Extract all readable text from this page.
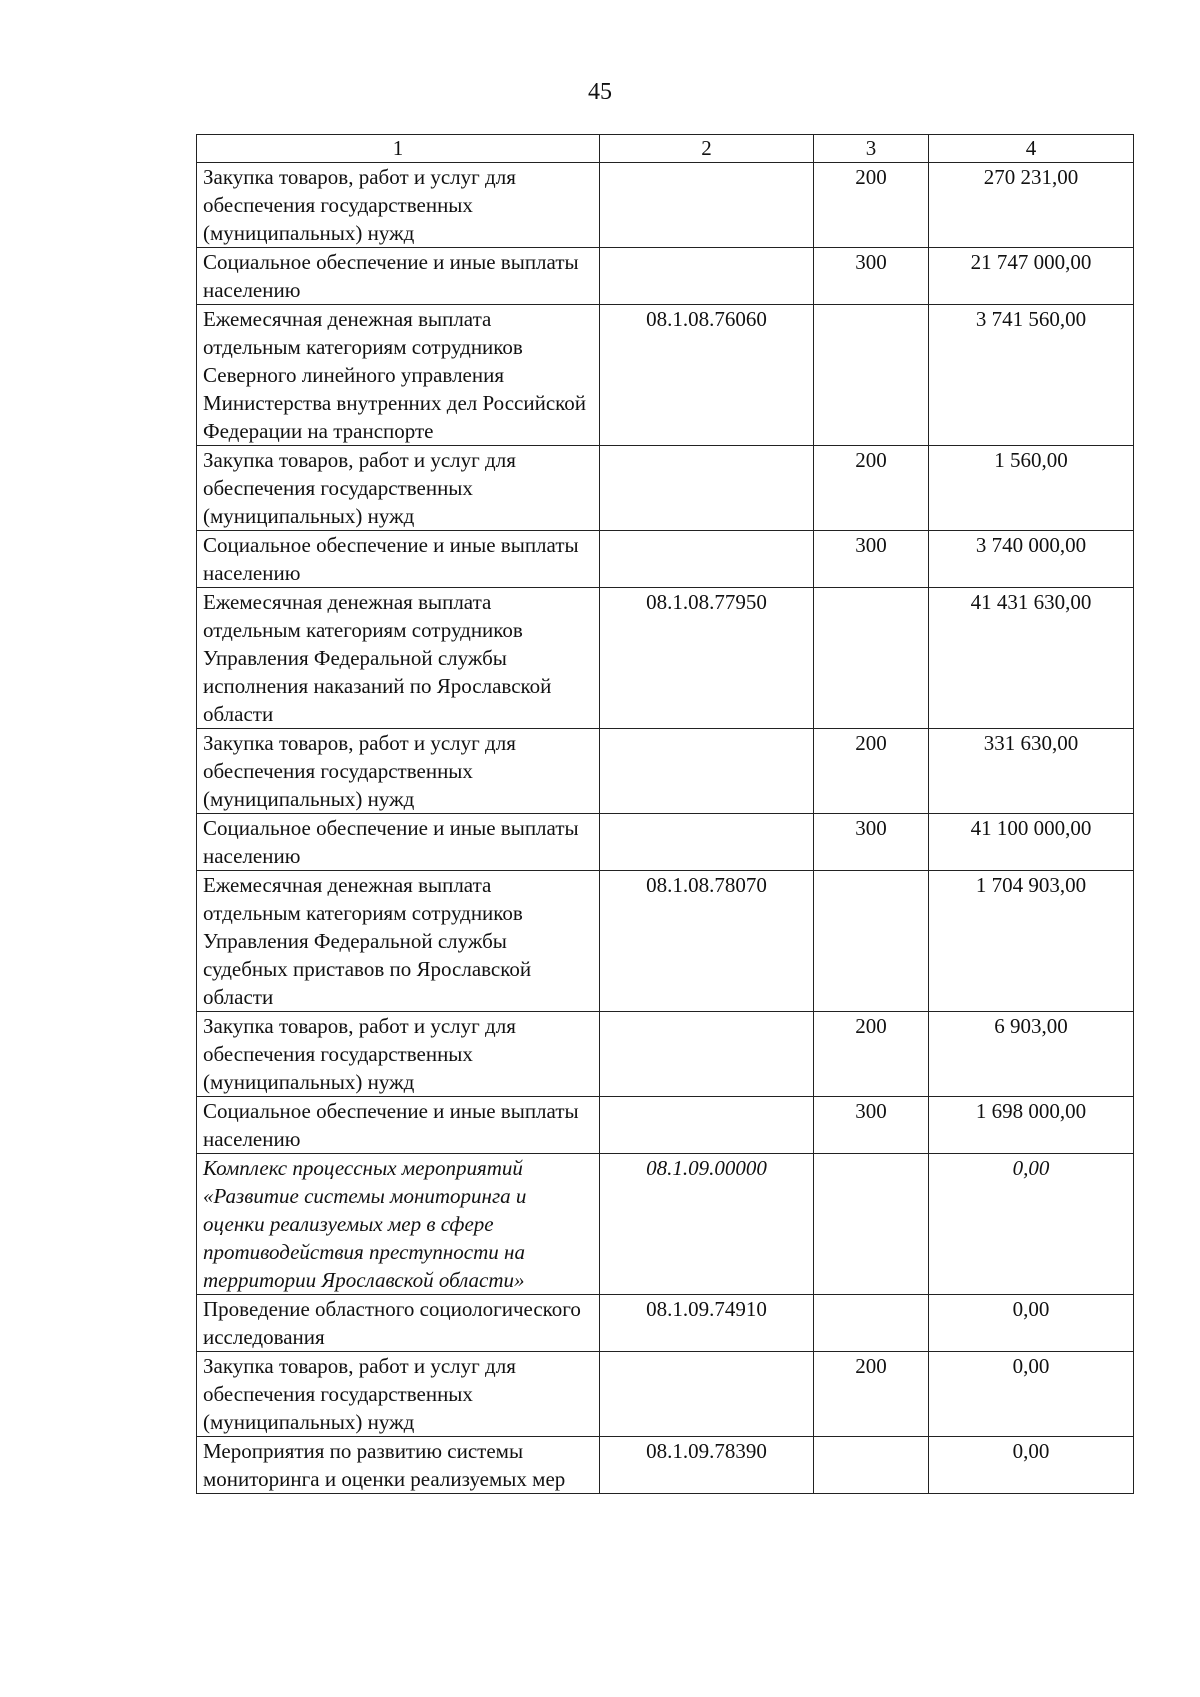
45
1	2	3	4
Закупка товаров, работ и услуг для обеспечения государственных (муниципальных) нужд		200	270 231,00
Социальное обеспечение и иные выплаты населению		300	21 747 000,00
Ежемесячная денежная выплата отдельным категориям сотрудников Северного линейного управления Министерства внутренних дел Российской Федерации на транспорте	08.1.08.76060		3 741 560,00
Закупка товаров, работ и услуг для обеспечения государственных (муниципальных) нужд		200	1 560,00
Социальное обеспечение и иные выплаты населению		300	3 740 000,00
Ежемесячная денежная выплата отдельным категориям сотрудников Управления Федеральной службы исполнения наказаний по Ярославской области	08.1.08.77950		41 431 630,00
Закупка товаров, работ и услуг для обеспечения государственных (муниципальных) нужд		200	331 630,00
Социальное обеспечение и иные выплаты населению		300	41 100 000,00
Ежемесячная денежная выплата отдельным категориям сотрудников Управления Федеральной службы судебных приставов по Ярославской области	08.1.08.78070		1 704 903,00
Закупка товаров, работ и услуг для обеспечения государственных (муниципальных) нужд		200	6 903,00
Социальное обеспечение и иные выплаты населению		300	1 698 000,00
Комплекс процессных мероприятий «Развитие системы мониторинга и оценки реализуемых мер в сфере противодействия преступности на территории Ярославской области»	08.1.09.00000		0,00
Проведение областного социологического исследования	08.1.09.74910		0,00
Закупка товаров, работ и услуг для обеспечения государственных (муниципальных) нужд		200	0,00
Мероприятия по развитию системы мониторинга и оценки реализуемых мер	08.1.09.78390		0,00
